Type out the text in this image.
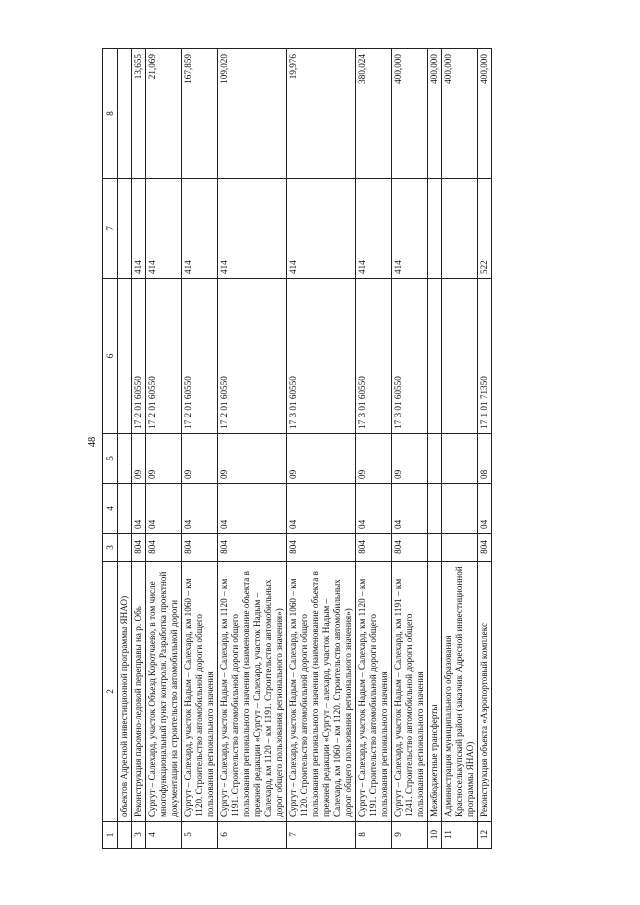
48
1	2	3	4	5	6	7	8
	объектов Адресной инвестиционной программы ЯНАО)						

3	Реконструкция паромно-ледовой переправы на р. Обь	804	04	09	17 2 01 60550	414	13,655

4	Сургут – Салехард, участок Объезд Коротчаево, в том числе многофункциональный пункт контроля. Разработка проектной документации на строительство автомобильной дороги	804	04	09	17 2 01 60550	414	21,069

5	Сургут – Салехард, участок Надым – Салехард, км 1060 – км 1120. Строительство автомобильной дороги общего пользования регионального значения	804	04	09	17 2 01 60550	414	167,859

6	Сургут – Салехард, участок Надым – Салехард, км 1120 – км 1191. Строительство автомобильной дороги общего пользования регионального значения (наименование объекта в прежней редакции «Сургут – Салехард, участок Надым – Салехард, км 1120 – км 1191. Строительство автомобильных дорог общего пользования регионального значения»)	804	04	09	17 2 01 60550	414	109,020

7	Сургут – Салехард, участок Надым – Салехард, км 1060 – км 1120. Строительство автомобильной дороги общего пользования регионального значения (наименование объекта в прежней редакции «Сургут – алехард, участок Надым – Салехард, км 1060 – км 1120. Строительство автомобильных дорог общего пользования регионального значения»)	804	04	09	17 3 01 60550	414	19,976

8	Сургут – Салехард, участок Надым – Салехард, км 1120 – км 1191. Строительство автомобильной дороги общего пользования регионального значения	804	04	09	17 3 01 60550	414	380,024

9	Сургут – Салехард, участок Надым – Салехард, км 1191 – км 1241. Строительство автомобильной дороги общего пользования регионального значения	804	04	09	17 3 01 60550	414	400,000

10	Межбюджетные трансферты						400,000

11	Администрация муниципального образования Красноселькупский район (заказчик Адресной инвестиционной программы ЯНАО)						400,000

12	Реконструкция объекта «Аэропортовый комплекс	804	04	08	17 1 01 71350	522	400,000
